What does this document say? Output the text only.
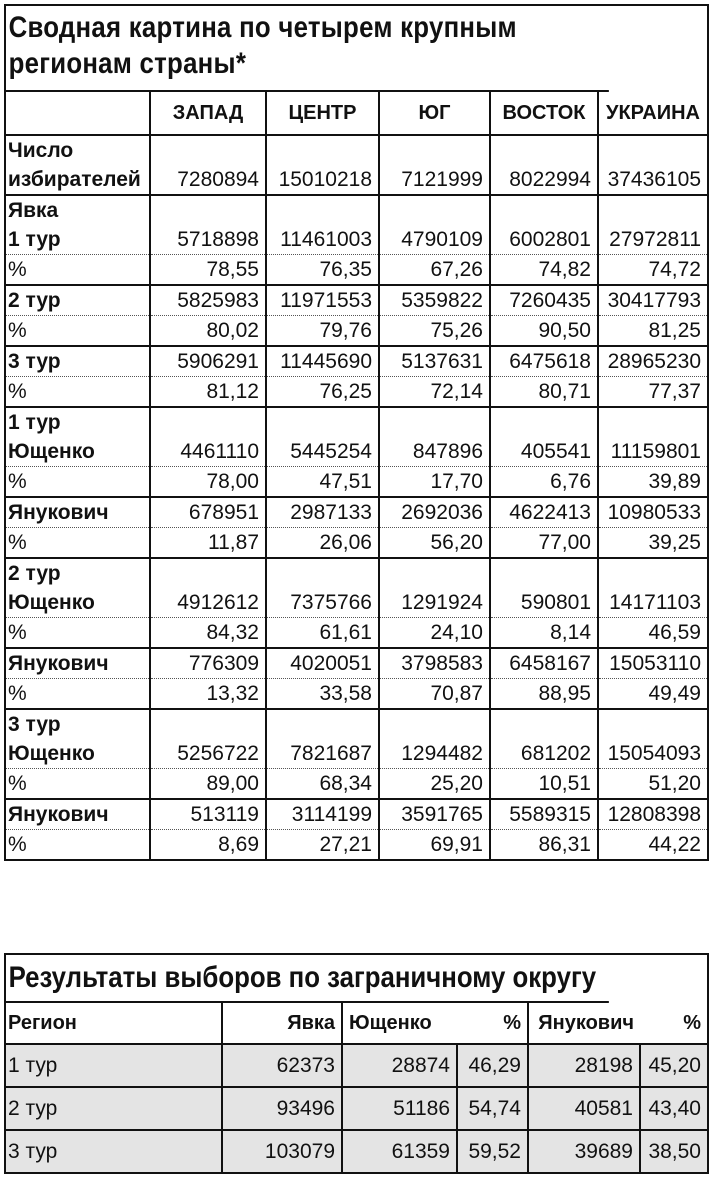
Сводная картина по четырем крупным
регионам страны*
	ЗАПАД	ЦЕНТР	ЮГ	ВОСТОК	УКРАИНА
Число					
избирателей	7280894	15010218	7121999	8022994	37436105
Явка					
1 тур	5718898	11461003	4790109	6002801	27972811
%	78,55	76,35	67,26	74,82	74,72
2 тур	5825983	11971553	5359822	7260435	30417793
%	80,02	79,76	75,26	90,50	81,25
3 тур	5906291	11445690	5137631	6475618	28965230
%	81,12	76,25	72,14	80,71	77,37
1 тур					
Ющенко	4461110	5445254	847896	405541	11159801
%	78,00	47,51	17,70	6,76	39,89
Янукович	678951	2987133	2692036	4622413	10980533
%	11,87	26,06	56,20	77,00	39,25
2 тур					
Ющенко	4912612	7375766	1291924	590801	14171103
%	84,32	61,61	24,10	8,14	46,59
Янукович	776309	4020051	3798583	6458167	15053110
%	13,32	33,58	70,87	88,95	49,49
3 тур					
Ющенко	5256722	7821687	1294482	681202	15054093
%	89,00	68,34	25,20	10,51	51,20
Янукович	513119	3114199	3591765	5589315	12808398
%	8,69	27,21	69,91	86,31	44,22
Результаты выборов по заграничному округу
Регион	Явка	Ющенко	%	Янукович	%
1 тур	62373	28874	46,29	28198	45,20
2 тур	93496	51186	54,74	40581	43,40
3 тур	103079	61359	59,52	39689	38,50
